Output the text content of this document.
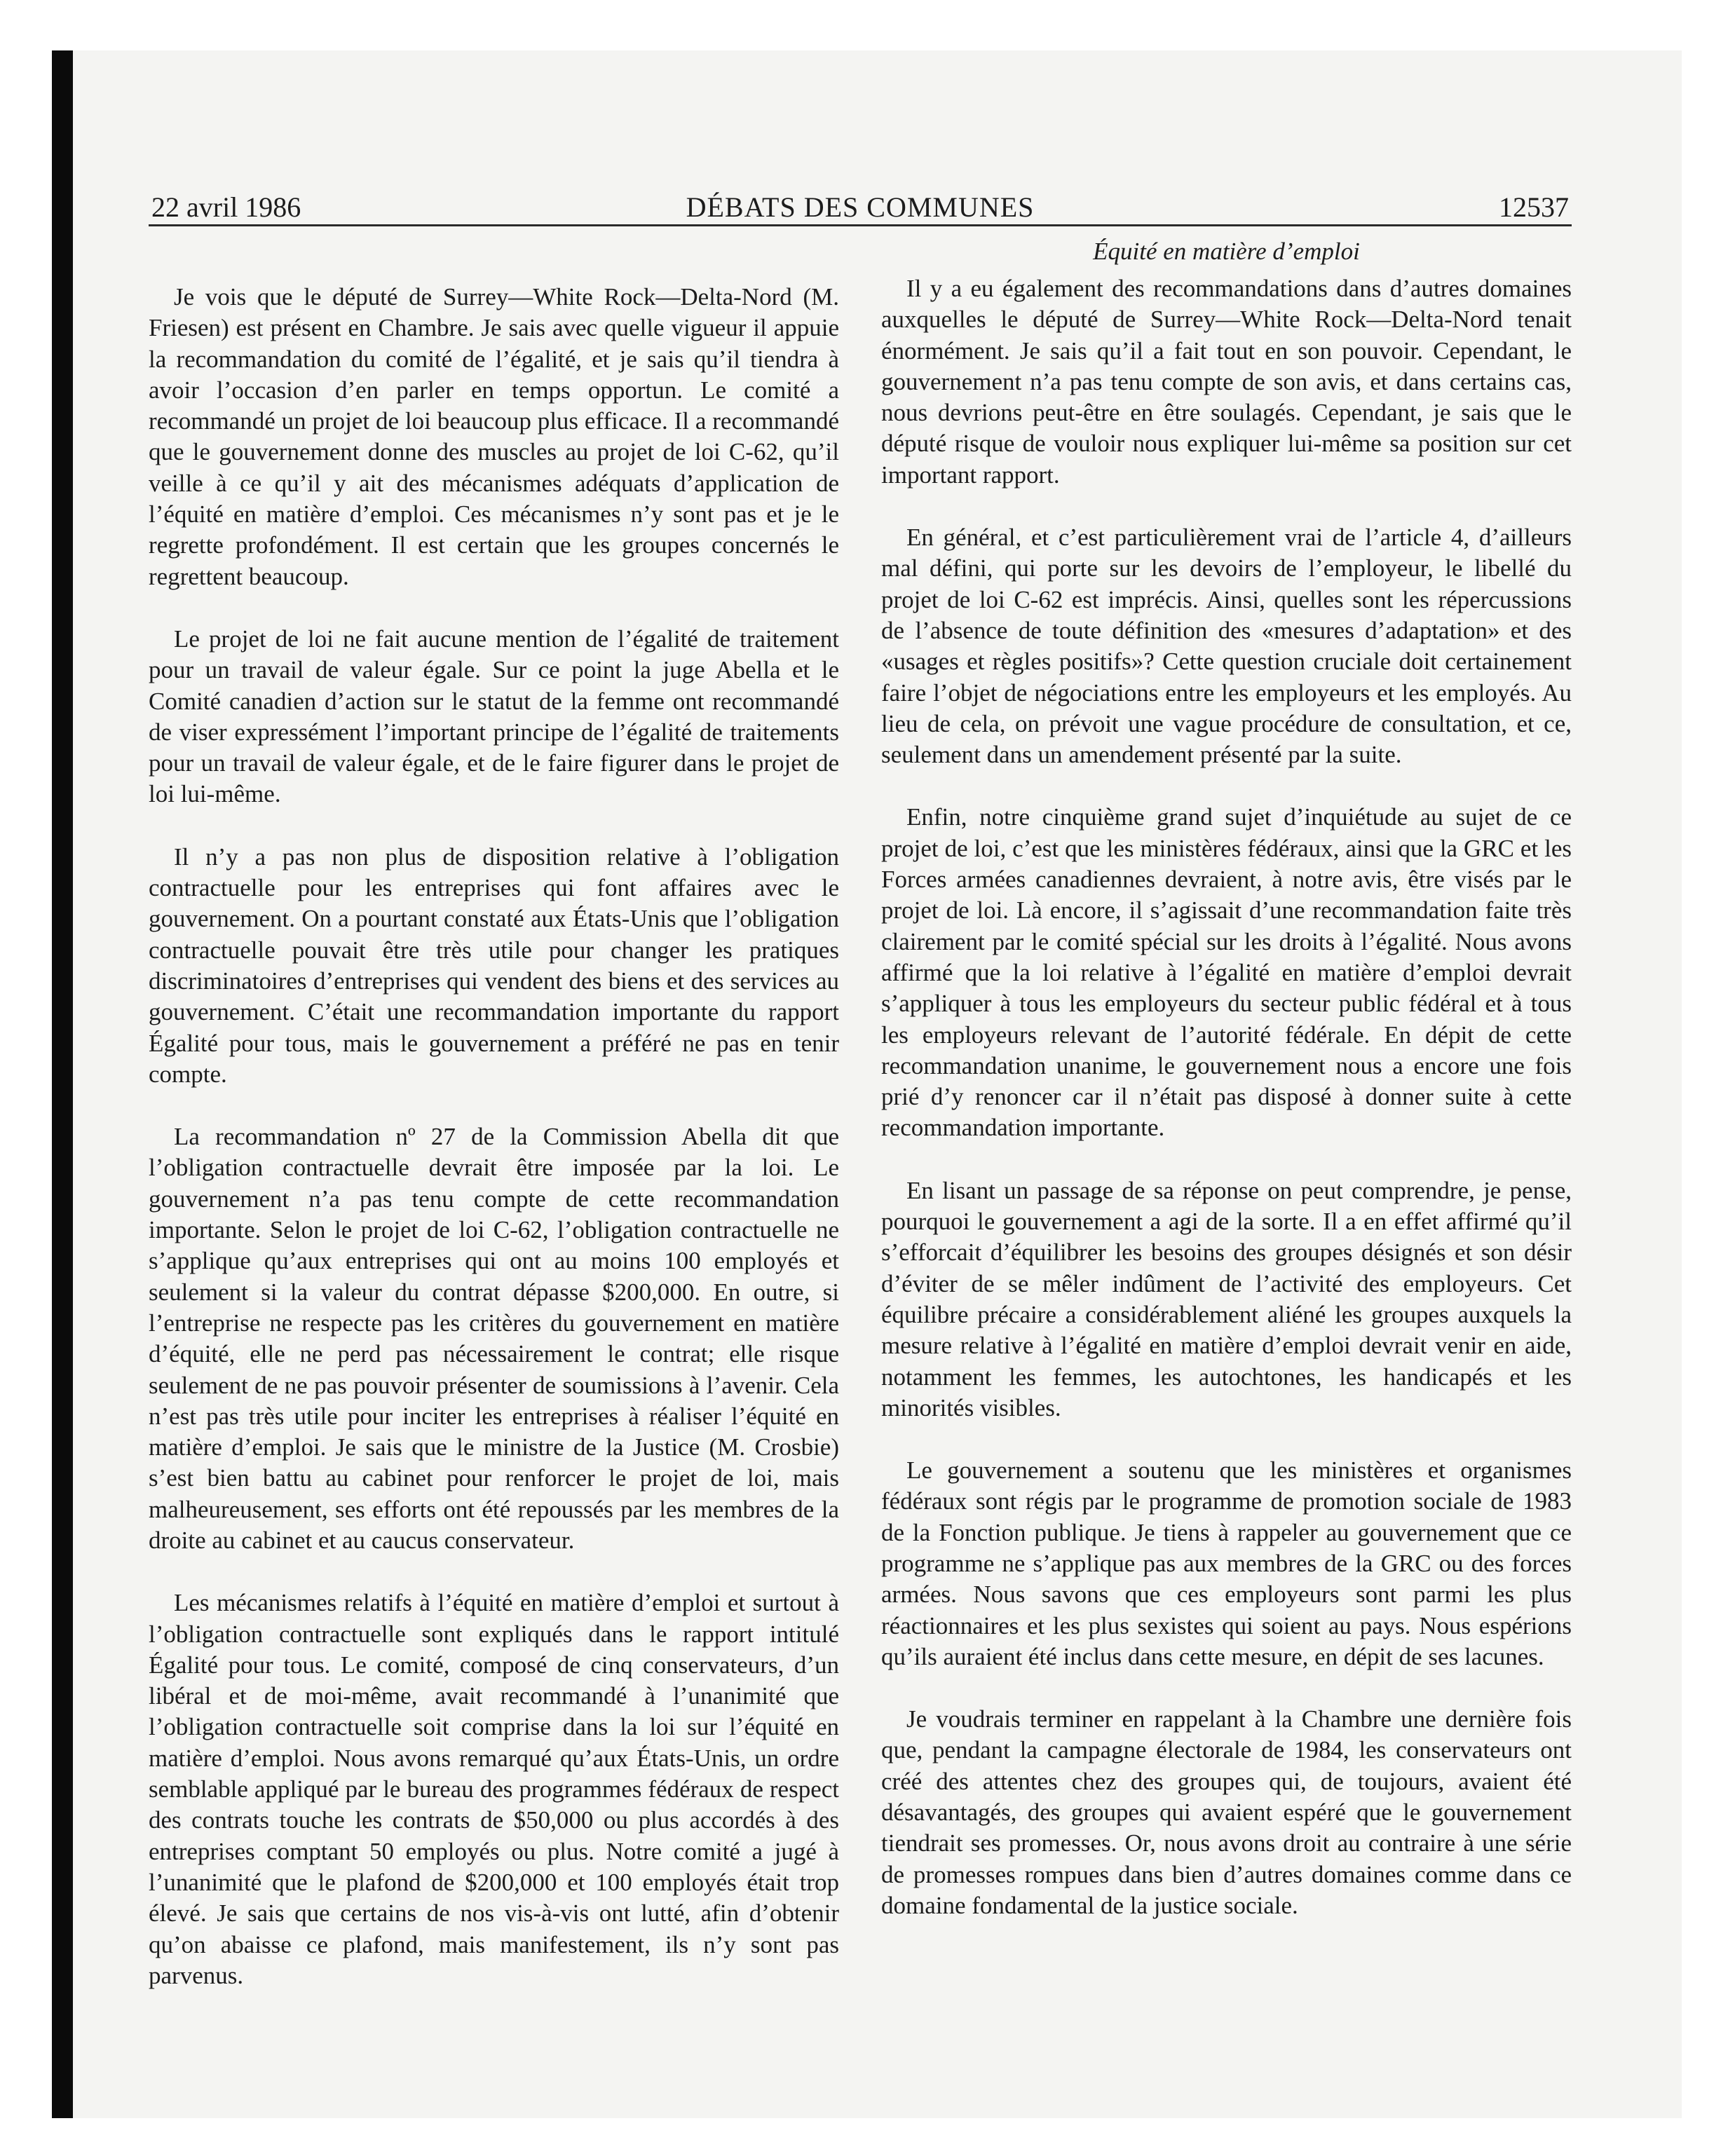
22 avril 1986	DÉBATS DES COMMUNES	12537

Je vois que le député de Surrey—White Rock—Delta-Nord (M. Friesen) est présent en Chambre. Je sais avec quelle vigueur il appuie la recommandation du comité de l’égalité, et je sais qu’il tiendra à avoir l’occasion d’en parler en temps opportun. Le comité a recommandé un projet de loi beaucoup plus efficace. Il a recommandé que le gouvernement donne des muscles au projet de loi C-62, qu’il veille à ce qu’il y ait des mécanismes adéquats d’application de l’équité en matière d’emploi. Ces mécanismes n’y sont pas et je le regrette profondément. Il est certain que les groupes concernés le regrettent beaucoup.

Le projet de loi ne fait aucune mention de l’égalité de traitement pour un travail de valeur égale. Sur ce point la juge Abella et le Comité canadien d’action sur le statut de la femme ont recommandé de viser expressément l’important principe de l’égalité de traitements pour un travail de valeur égale, et de le faire figurer dans le projet de loi lui-même.

Il n’y a pas non plus de disposition relative à l’obligation contractuelle pour les entreprises qui font affaires avec le gouvernement. On a pourtant constaté aux États-Unis que l’obligation contractuelle pouvait être très utile pour changer les pratiques discriminatoires d’entreprises qui vendent des biens et des services au gouvernement. C’était une recommandation importante du rapport Égalité pour tous, mais le gouvernement a préféré ne pas en tenir compte.

La recommandation nº 27 de la Commission Abella dit que l’obligation contractuelle devrait être imposée par la loi. Le gouvernement n’a pas tenu compte de cette recommandation importante. Selon le projet de loi C-62, l’obligation contractuelle ne s’applique qu’aux entreprises qui ont au moins 100 employés et seulement si la valeur du contrat dépasse $200,000. En outre, si l’entreprise ne respecte pas les critères du gouvernement en matière d’équité, elle ne perd pas nécessairement le contrat; elle risque seulement de ne pas pouvoir présenter de soumissions à l’avenir. Cela n’est pas très utile pour inciter les entreprises à réaliser l’équité en matière d’emploi. Je sais que le ministre de la Justice (M. Crosbie) s’est bien battu au cabinet pour renforcer le projet de loi, mais malheureusement, ses efforts ont été repoussés par les membres de la droite au cabinet et au caucus conservateur.

Les mécanismes relatifs à l’équité en matière d’emploi et surtout à l’obligation contractuelle sont expliqués dans le rapport intitulé Égalité pour tous. Le comité, composé de cinq conservateurs, d’un libéral et de moi-même, avait recommandé à l’unanimité que l’obligation contractuelle soit comprise dans la loi sur l’équité en matière d’emploi. Nous avons remarqué qu’aux États-Unis, un ordre semblable appliqué par le bureau des programmes fédéraux de respect des contrats touche les contrats de $50,000 ou plus accordés à des entreprises comptant 50 employés ou plus. Notre comité a jugé à l’unanimité que le plafond de $200,000 et 100 employés était trop élevé. Je sais que certains de nos vis-à-vis ont lutté, afin d’obtenir qu’on abaisse ce plafond, mais manifestement, ils n’y sont pas parvenus.

Équité en matière d’emploi

Il y a eu également des recommandations dans d’autres domaines auxquelles le député de Surrey—White Rock—Delta-Nord tenait énormément. Je sais qu’il a fait tout en son pouvoir. Cependant, le gouvernement n’a pas tenu compte de son avis, et dans certains cas, nous devrions peut-être en être soulagés. Cependant, je sais que le député risque de vouloir nous expliquer lui-même sa position sur cet important rapport.

En général, et c’est particulièrement vrai de l’article 4, d’ailleurs mal défini, qui porte sur les devoirs de l’employeur, le libellé du projet de loi C-62 est imprécis. Ainsi, quelles sont les répercussions de l’absence de toute définition des «mesures d’adaptation» et des «usages et règles positifs»? Cette question cruciale doit certainement faire l’objet de négociations entre les employeurs et les employés. Au lieu de cela, on prévoit une vague procédure de consultation, et ce, seulement dans un amendement présenté par la suite.

Enfin, notre cinquième grand sujet d’inquiétude au sujet de ce projet de loi, c’est que les ministères fédéraux, ainsi que la GRC et les Forces armées canadiennes devraient, à notre avis, être visés par le projet de loi. Là encore, il s’agissait d’une recommandation faite très clairement par le comité spécial sur les droits à l’égalité. Nous avons affirmé que la loi relative à l’égalité en matière d’emploi devrait s’appliquer à tous les employeurs du secteur public fédéral et à tous les employeurs relevant de l’autorité fédérale. En dépit de cette recommandation unanime, le gouvernement nous a encore une fois prié d’y renoncer car il n’était pas disposé à donner suite à cette recommandation importante.

En lisant un passage de sa réponse on peut comprendre, je pense, pourquoi le gouvernement a agi de la sorte. Il a en effet affirmé qu’il s’efforcait d’équilibrer les besoins des groupes désignés et son désir d’éviter de se mêler indûment de l’activité des employeurs. Cet équilibre précaire a considérablement aliéné les groupes auxquels la mesure relative à l’égalité en matière d’emploi devrait venir en aide, notamment les femmes, les autochtones, les handicapés et les minorités visibles.

Le gouvernement a soutenu que les ministères et organismes fédéraux sont régis par le programme de promotion sociale de 1983 de la Fonction publique. Je tiens à rappeler au gouvernement que ce programme ne s’applique pas aux membres de la GRC ou des forces armées. Nous savons que ces employeurs sont parmi les plus réactionnaires et les plus sexistes qui soient au pays. Nous espérions qu’ils auraient été inclus dans cette mesure, en dépit de ses lacunes.

Je voudrais terminer en rappelant à la Chambre une dernière fois que, pendant la campagne électorale de 1984, les conservateurs ont créé des attentes chez des groupes qui, de toujours, avaient été désavantagés, des groupes qui avaient espéré que le gouvernement tiendrait ses promesses. Or, nous avons droit au contraire à une série de promesses rompues dans bien d’autres domaines comme dans ce domaine fondamental de la justice sociale.
